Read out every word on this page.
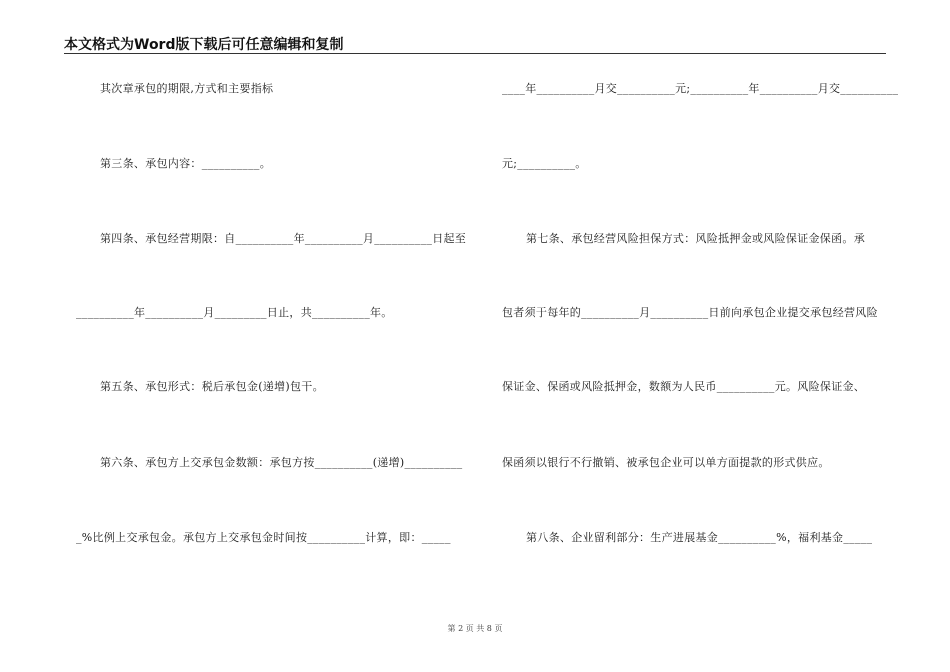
本文格式为Word版下载后可任意编辑和复制
其次章承包的期限,方式和主要指标
第三条、承包内容：__________。
第四条、承包经营期限：自__________年__________月__________日起至
__________年__________月_________日止，共__________年。
第五条、承包形式：税后承包金(递增)包干。
第六条、承包方上交承包金数额：承包方按__________(递增)__________
_%比例上交承包金。承包方上交承包金时间按__________计算，即：_____
____年__________月交__________元;__________年__________月交__________
元;__________。
第七条、承包经营风险担保方式：风险抵押金或风险保证金保函。承
包者须于每年的__________月__________日前向承包企业提交承包经营风险
保证金、保函或风险抵押金，数额为人民币__________元。风险保证金、
保函须以银行不行撤销、被承包企业可以单方面提款的形式供应。
第八条、企业留利部分：生产进展基金__________%，福利基金_____
第 2 页 共 8 页
